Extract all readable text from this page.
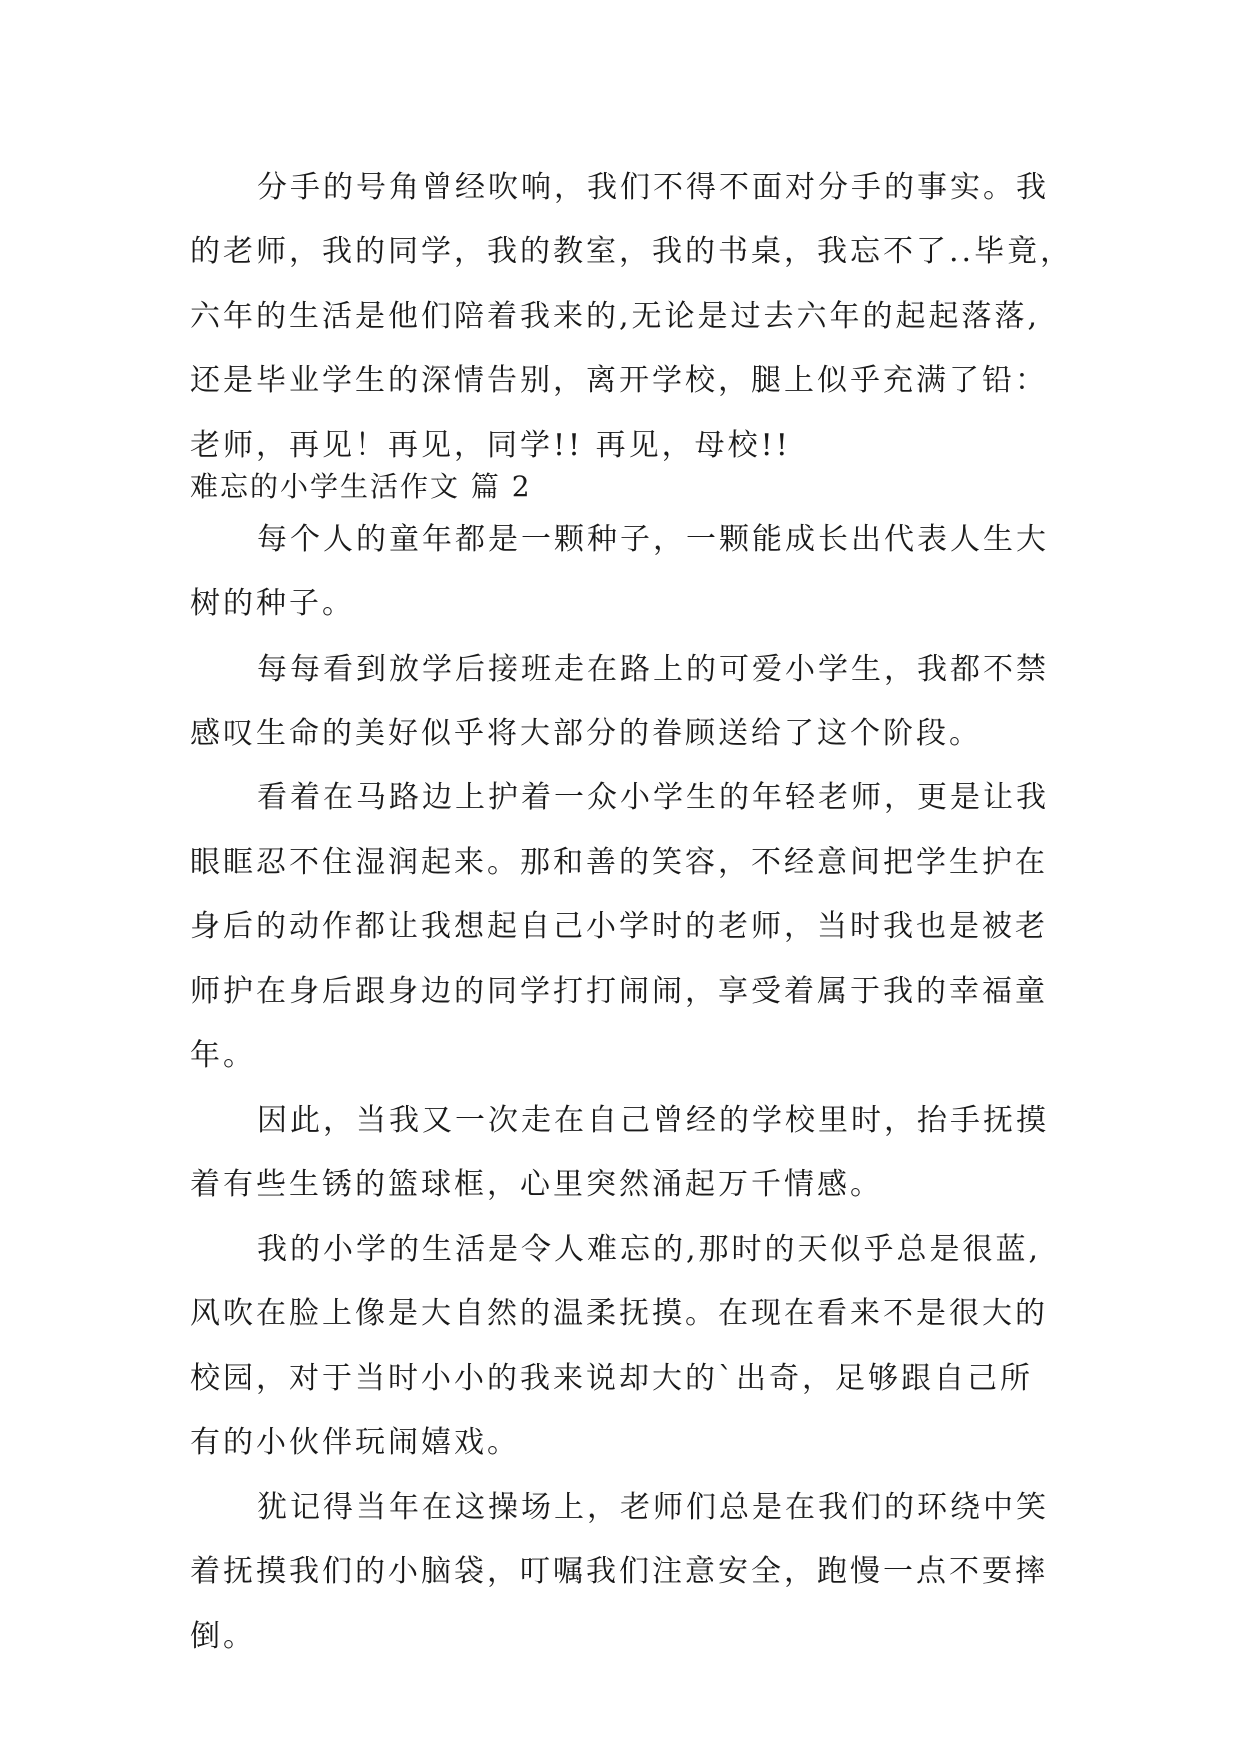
分手的号角曾经吹响，我们不得不面对分手的事实。我
的老师，我的同学，我的教室，我的书桌，我忘不了..毕竟，
六年的生活是他们陪着我来的,无论是过去六年的起起落落,
还是毕业学生的深情告别，离开学校，腿上似乎充满了铅：
老师，再见！再见，同学!! 再见，母校!!
难忘的小学生活作文 篇 2
每个人的童年都是一颗种子，一颗能成长出代表人生大
树的种子。
每每看到放学后接班走在路上的可爱小学生，我都不禁
感叹生命的美好似乎将大部分的眷顾送给了这个阶段。
看着在马路边上护着一众小学生的年轻老师，更是让我
眼眶忍不住湿润起来。那和善的笑容，不经意间把学生护在
身后的动作都让我想起自己小学时的老师，当时我也是被老
师护在身后跟身边的同学打打闹闹，享受着属于我的幸福童
年。
因此，当我又一次走在自己曾经的学校里时，抬手抚摸
着有些生锈的篮球框，心里突然涌起万千情感。
我的小学的生活是令人难忘的,那时的天似乎总是很蓝,
风吹在脸上像是大自然的温柔抚摸。在现在看来不是很大的
校园，对于当时小小的我来说却大的`出奇，足够跟自己所
有的小伙伴玩闹嬉戏。
犹记得当年在这操场上，老师们总是在我们的环绕中笑
着抚摸我们的小脑袋，叮嘱我们注意安全，跑慢一点不要摔
倒。
